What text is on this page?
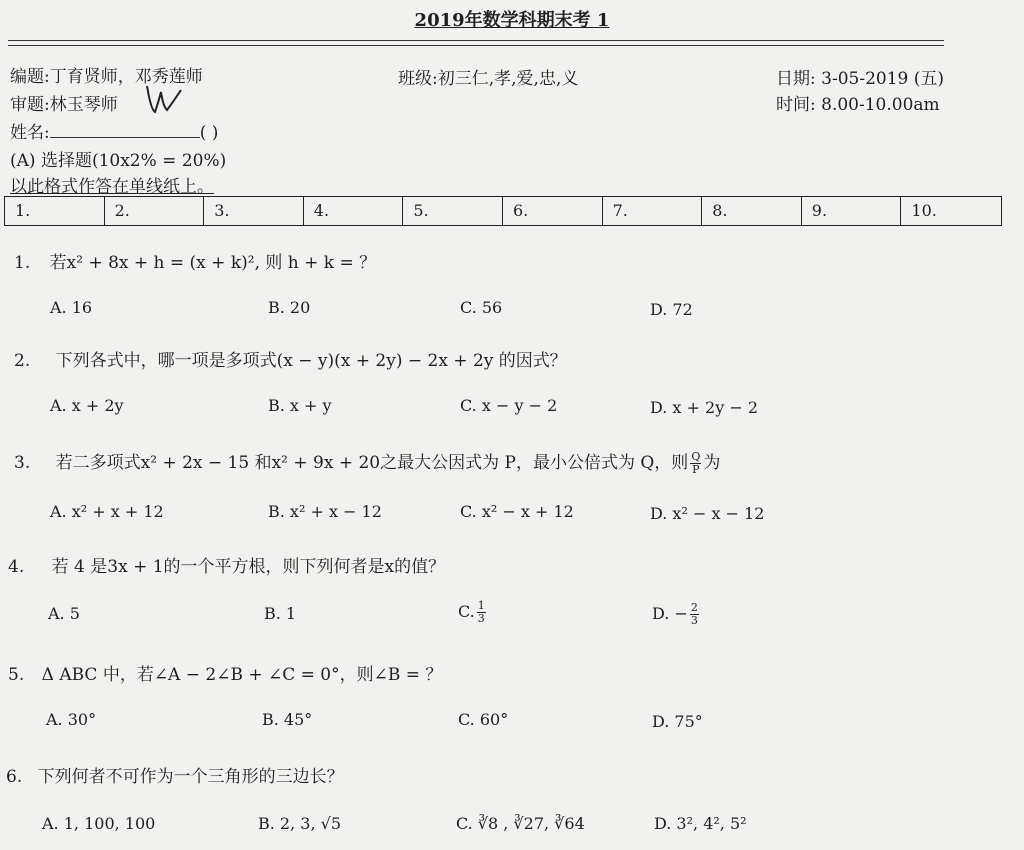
2019年数学科期末考 1
编题:丁育贤师，邓秀莲师
审题:林玉琴师
姓名:	( )
班级:初三仁,孝,爱,忠,义	日期: 3-05-2019 (五)
时间: 8.00-10.00am
(A) 选择题(10x2% = 20%)
以此格式作答在单线纸上。
1.	2.	3.	4.	5.	6.	7.	8.	9.	10.
1. 若x² + 8x + h = (x + k)², 则 h + k = ？
A. 16	B. 20	C. 56	D. 72
2. 下列各式中，哪一项是多项式(x − y)(x + 2y) − 2x + 2y 的因式？
A. x + 2y	B. x + y	C. x − y − 2	D. x + 2y − 2
3. 若二多项式x² + 2x − 15 和x² + 9x + 20之最大公因式为 P，最小公倍式为 Q，则 $\frac{Q}{P}$ 为
A. x² + x + 12	B. x² + x − 12	C. x² − x + 12	D. x² − x − 12
4. 若 4 是3x + 1的一个平方根，则下列何者是x的值？
A. 5	B. 1	C. $\frac{1}{3}$	D. − $\frac{2}{3}$
5. Δ ABC 中，若∠A − 2∠B + ∠C = 0°，则∠B = ？
A. 30°	B. 45°	C. 60°	D. 75°
6. 下列何者不可作为一个三角形的三边长？
A. 1, 100, 100	B. 2, 3, √5	C. ∛8 , ∛27, ∛64	D. 3², 4², 5²
